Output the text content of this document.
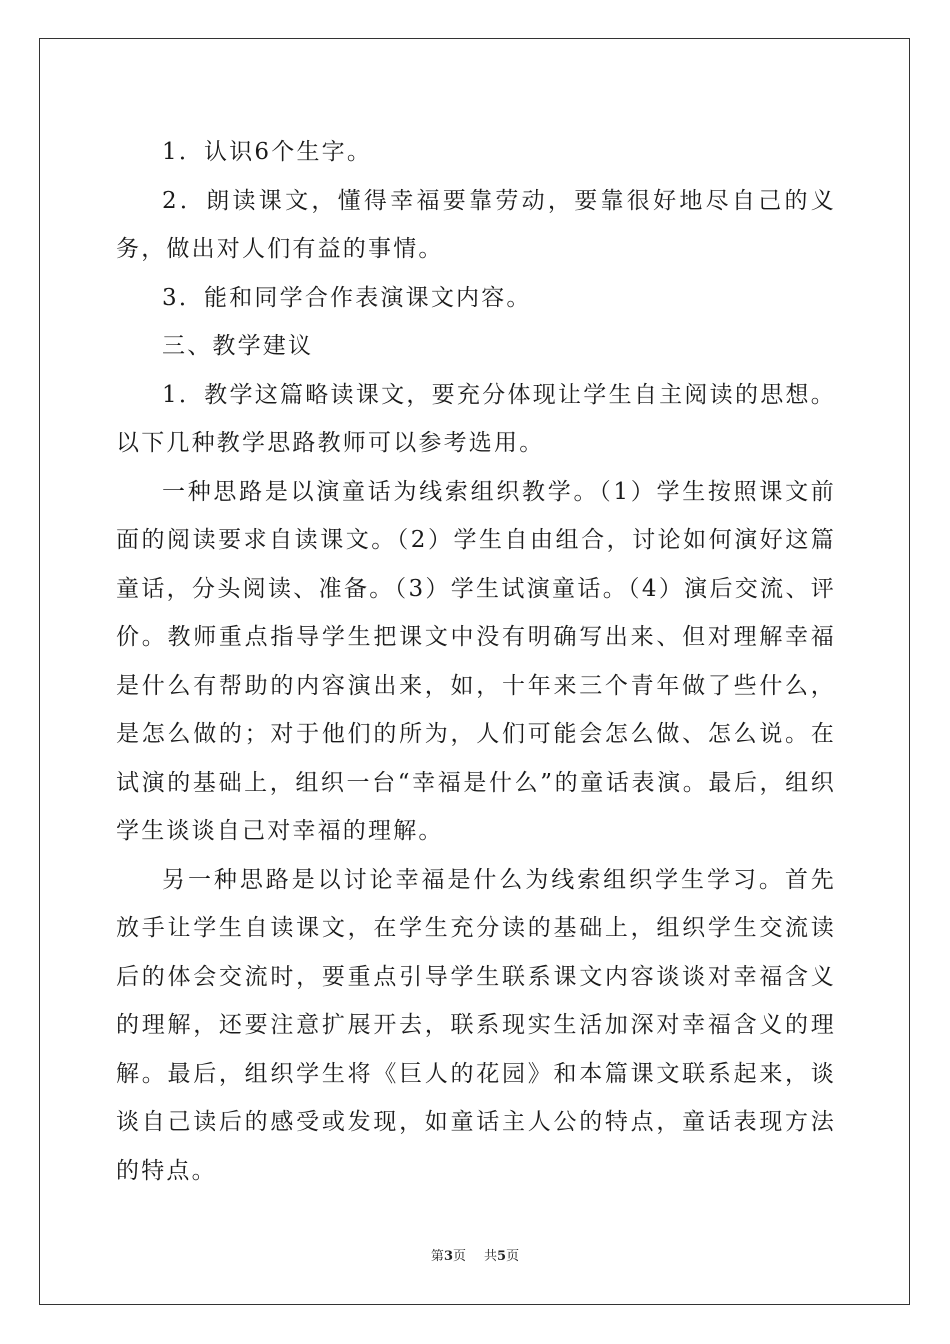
1．认识6个生字。

2．朗读课文，懂得幸福要靠劳动，要靠很好地尽自己的义务，做出对人们有益的事情。

3．能和同学合作表演课文内容。

三、教学建议

1．教学这篇略读课文，要充分体现让学生自主阅读的思想。以下几种教学思路教师可以参考选用。

一种思路是以演童话为线索组织教学。（1）学生按照课文前面的阅读要求自读课文。（2）学生自由组合，讨论如何演好这篇童话，分头阅读、准备。（3）学生试演童话。（4）演后交流、评价。教师重点指导学生把课文中没有明确写出来、但对理解幸福是什么有帮助的内容演出来，如，十年来三个青年做了些什么，是怎么做的；对于他们的所为，人们可能会怎么做、怎么说。在试演的基础上，组织一台“幸福是什么”的童话表演。最后，组织学生谈谈自己对幸福的理解。

另一种思路是以讨论幸福是什么为线索组织学生学习。首先放手让学生自读课文，在学生充分读的基础上，组织学生交流读后的体会交流时，要重点引导学生联系课文内容谈谈对幸福含义的理解，还要注意扩展开去，联系现实生活加深对幸福含义的理解。最后，组织学生将《巨人的花园》和本篇课文联系起来，谈谈自己读后的感受或发现，如童话主人公的特点，童话表现方法的特点。

第3页 共5页
